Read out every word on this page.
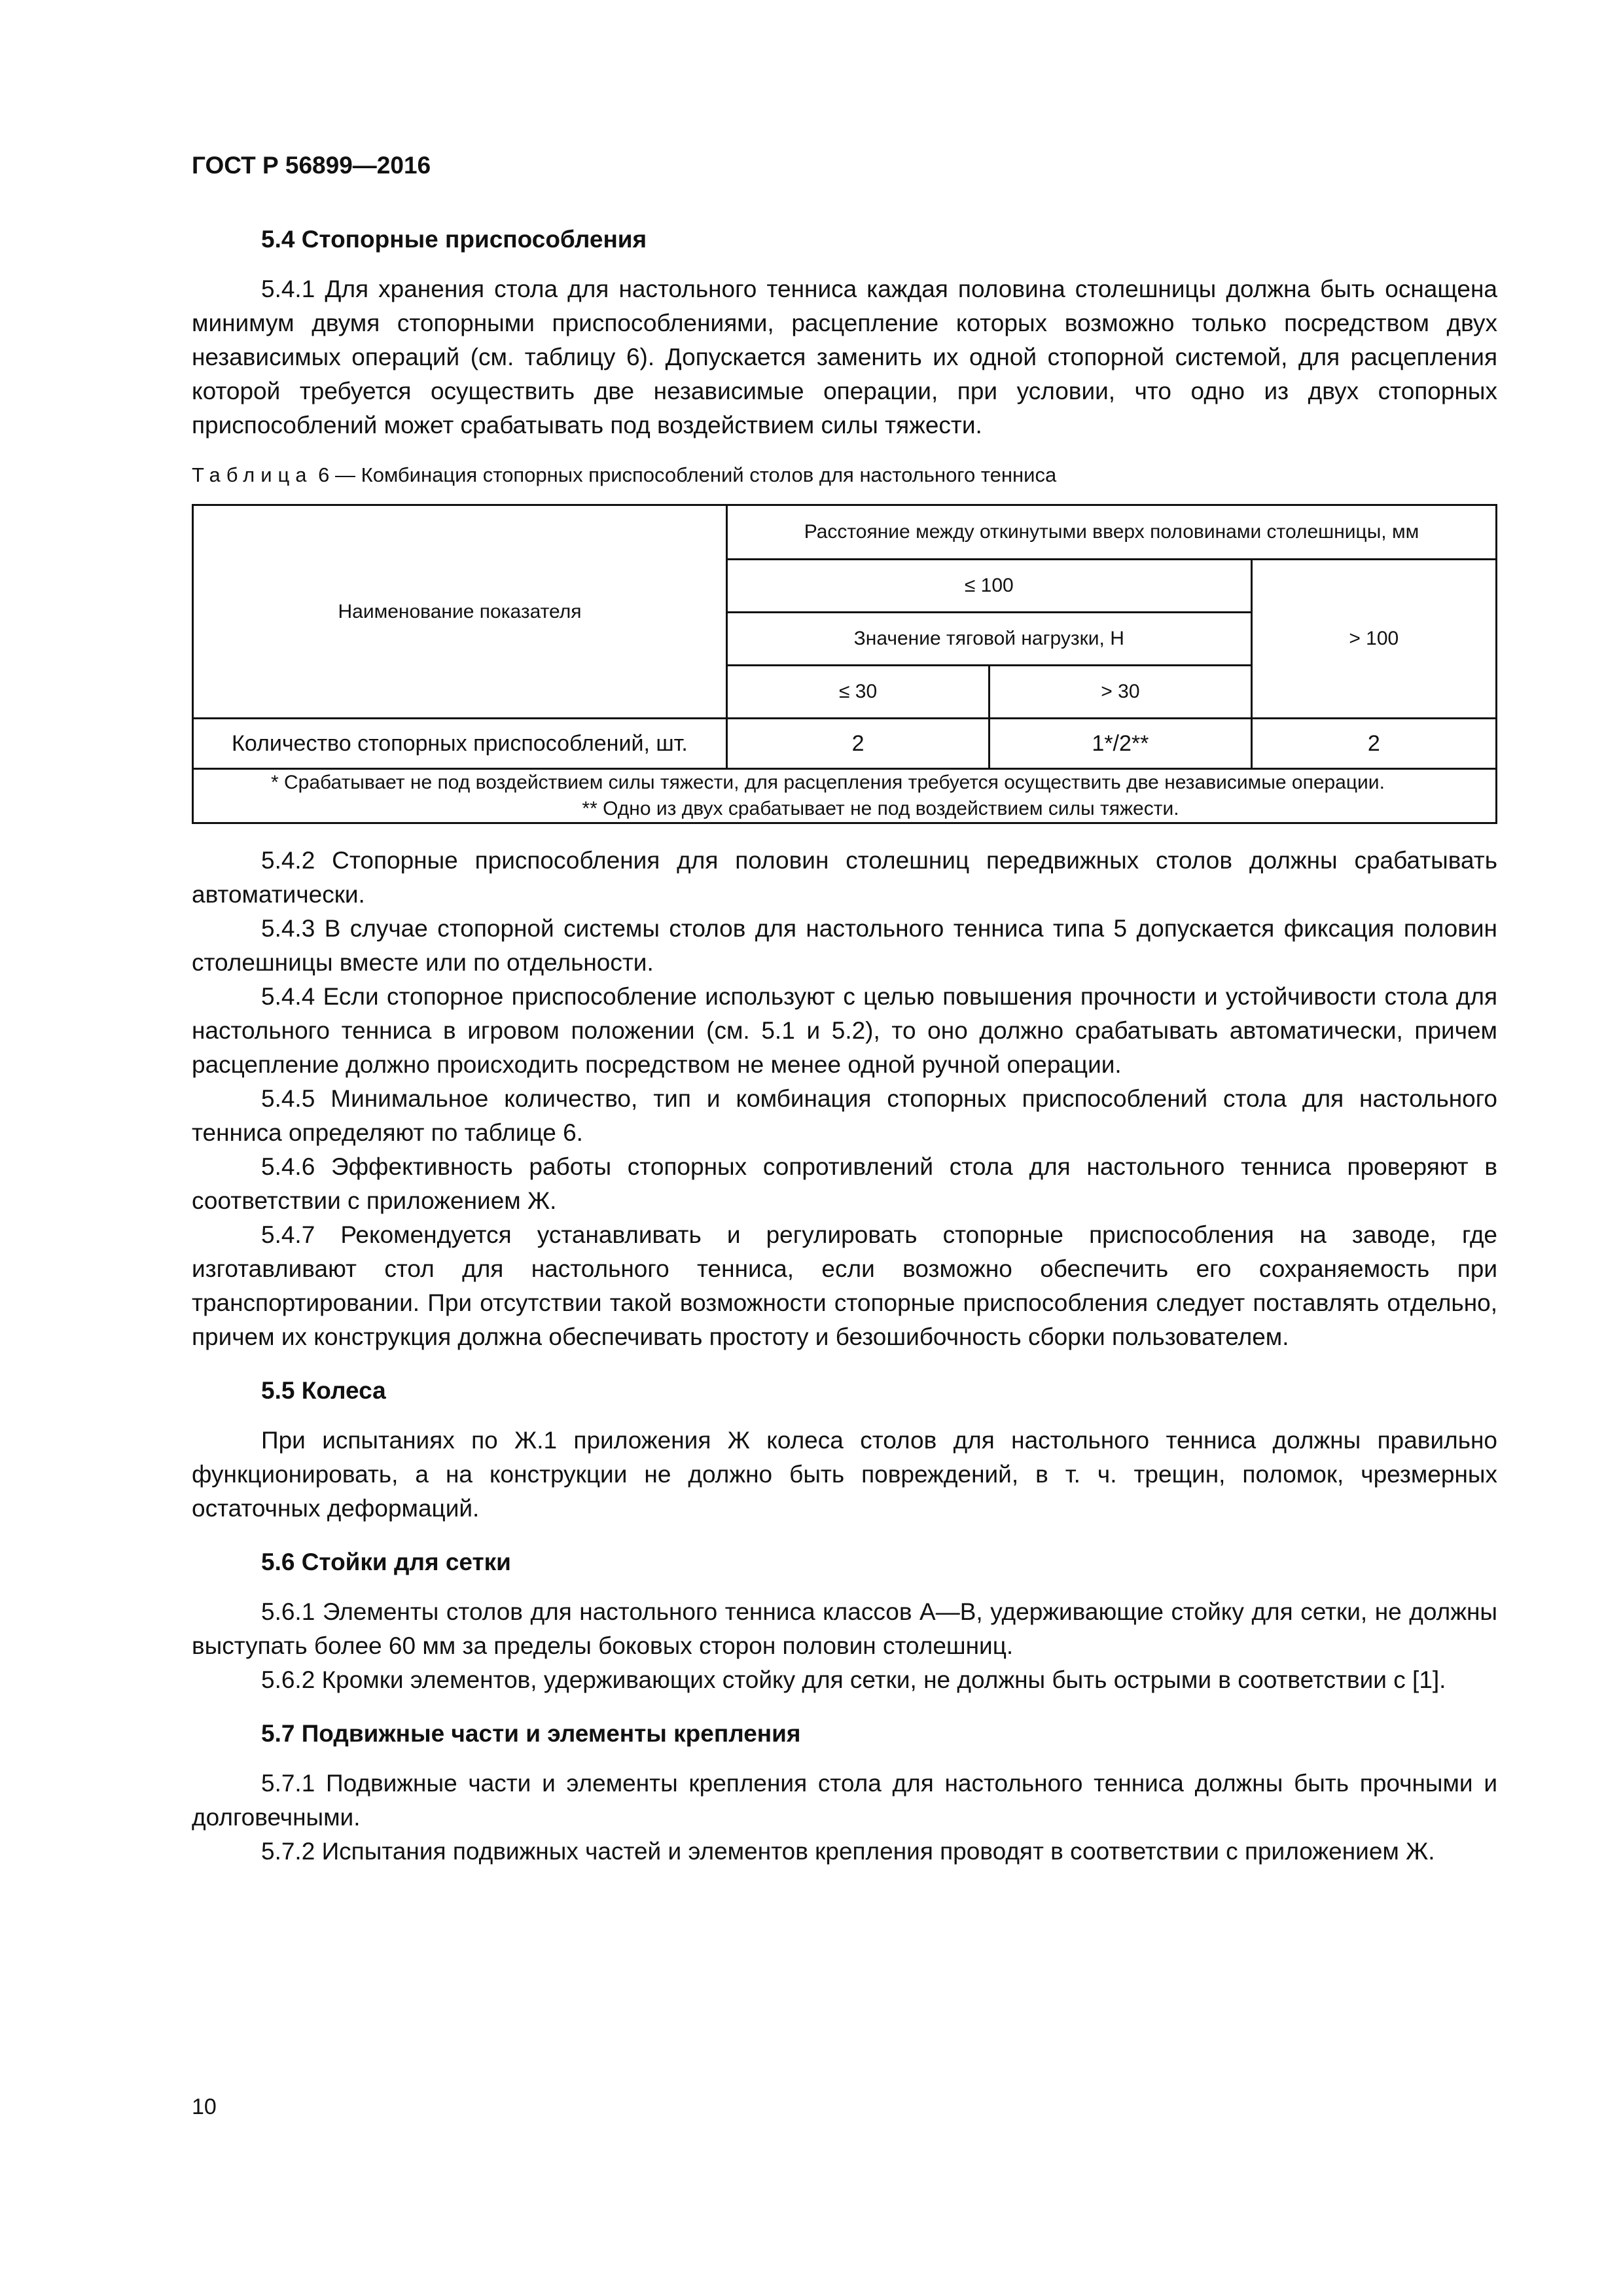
ГОСТ Р 56899—2016
5.4 Стопорные приспособления

5.4.1 Для хранения стола для настольного тенниса каждая половина столешницы должна быть оснащена минимум двумя стопорными приспособлениями, расцепление которых возможно только посредством двух независимых операций (см. таблицу 6). Допускается заменить их одной стопорной системой, для расцепления которой требуется осуществить две независимые операции, при условии, что одно из двух стопорных приспособлений может срабатывать под воздействием силы тяжести.

Таблица 6 — Комбинация стопорных приспособлений столов для настольного тенниса
Наименование показателя	Расстояние между откинутыми вверх половинами столешницы, мм		
	≤ 100		> 100
	Значение тяговой нагрузки, Н		
	≤ 30	> 30	
Количество стопорных приспособлений, шт.	2	1*/2**	2

* Срабатывает не под воздействием силы тяжести, для расцепления требуется осуществить две независимые операции.
** Одно из двух срабатывает не под воздействием силы тяжести.			

5.4.2 Стопорные приспособления для половин столешниц передвижных столов должны срабатывать автоматически.

5.4.3 В случае стопорной системы столов для настольного тенниса типа 5 допускается фиксация половин столешницы вместе или по отдельности.

5.4.4 Если стопорное приспособление используют с целью повышения прочности и устойчивости стола для настольного тенниса в игровом положении (см. 5.1 и 5.2), то оно должно срабатывать автоматически, причем расцепление должно происходить посредством не менее одной ручной операции.

5.4.5 Минимальное количество, тип и комбинация стопорных приспособлений стола для настольного тенниса определяют по таблице 6.

5.4.6 Эффективность работы стопорных сопротивлений стола для настольного тенниса проверяют в соответствии с приложением Ж.

5.4.7 Рекомендуется устанавливать и регулировать стопорные приспособления на заводе, где изготавливают стол для настольного тенниса, если возможно обеспечить его сохраняемость при транспортировании. При отсутствии такой возможности стопорные приспособления следует поставлять отдельно, причем их конструкция должна обеспечивать простоту и безошибочность сборки пользователем.

5.5 Колеса

При испытаниях по Ж.1 приложения Ж колеса столов для настольного тенниса должны правильно функционировать, а на конструкции не должно быть повреждений, в т. ч. трещин, поломок, чрезмерных остаточных деформаций.

5.6 Стойки для сетки

5.6.1 Элементы столов для настольного тенниса классов А—В, удерживающие стойку для сетки, не должны выступать более 60 мм за пределы боковых сторон половин столешниц.

5.6.2 Кромки элементов, удерживающих стойку для сетки, не должны быть острыми в соответствии с [1].

5.7 Подвижные части и элементы крепления

5.7.1 Подвижные части и элементы крепления стола для настольного тенниса должны быть прочными и долговечными.

5.7.2 Испытания подвижных частей и элементов крепления проводят в соответствии с приложением Ж.

10
